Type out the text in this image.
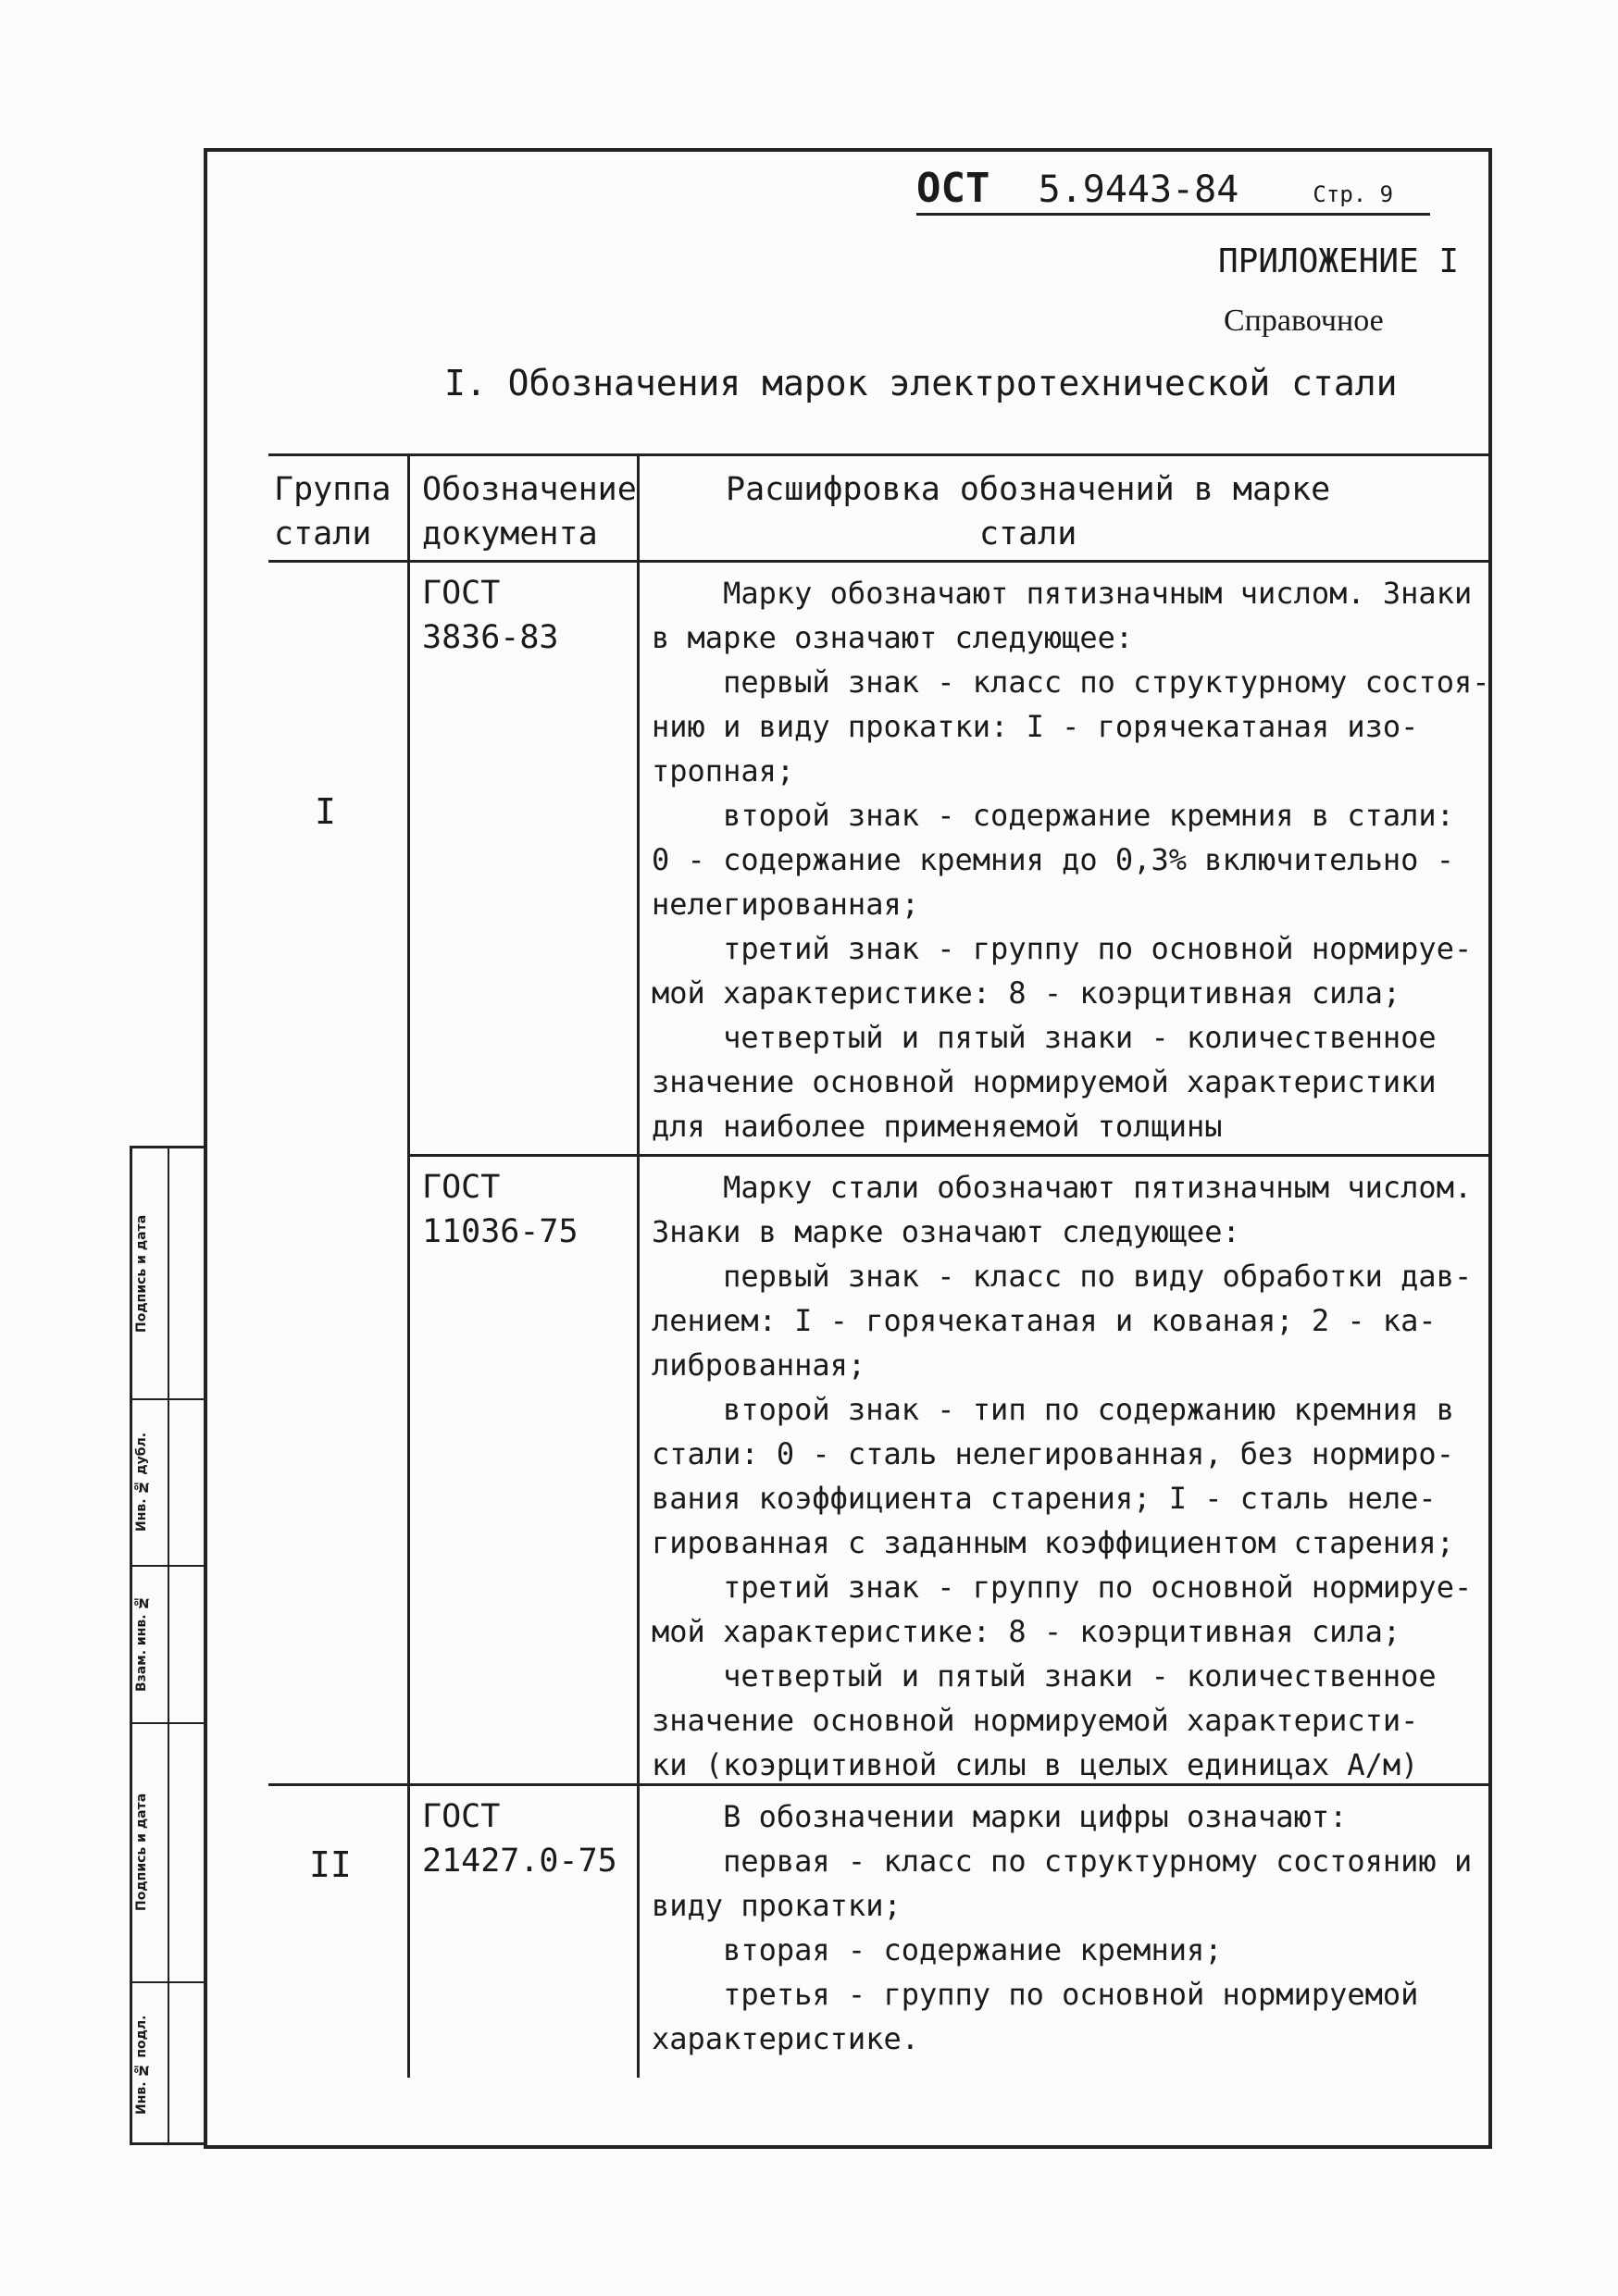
ОСТ 5.9443-84	Стр. 9
ПРИЛОЖЕНИЕ I
Справочное
I. Обозначения марок электротехнической стали
Группа
стали
Обозначение
документа
Расшифровка обозначений в марке
стали
I
ГОСТ
3836-83
Марку обозначают пятизначным числом. Знаки
в марке означают следующее:
первый знак - класс по структурному состоя-
нию и виду прокатки: I - горячекатаная изо-
тропная;
второй знак - содержание кремния в стали:
0 - содержание кремния до 0,3% включительно -
нелегированная;
третий знак - группу по основной нормируе-
мой характеристике: 8 - коэрцитивная сила;
четвертый и пятый знаки - количественное
значение основной нормируемой характеристики
для наиболее применяемой толщины
ГОСТ
11036-75
Марку стали обозначают пятизначным числом.
Знаки в марке означают следующее:
первый знак - класс по виду обработки дав-
лением: I - горячекатаная и кованая; 2 - ка-
либрованная;
второй знак - тип по содержанию кремния в
стали: 0 - сталь нелегированная, без нормиро-
вания коэффициента старения; I - сталь неле-
гированная с заданным коэффициентом старения;
третий знак - группу по основной нормируе-
мой характеристике: 8 - коэрцитивная сила;
четвертый и пятый знаки - количественное
значение основной нормируемой характеристи-
ки (коэрцитивной силы в целых единицах А/м)
II
ГОСТ
21427.0-75
В обозначении марки цифры означают:
первая - класс по структурному состоянию и
виду прокатки;
вторая - содержание кремния;
третья - группу по основной нормируемой
характеристике.
Подпись и дата
Инв. № дубл.
Взам. инв. №
Подпись и дата
Инв. № подл.
